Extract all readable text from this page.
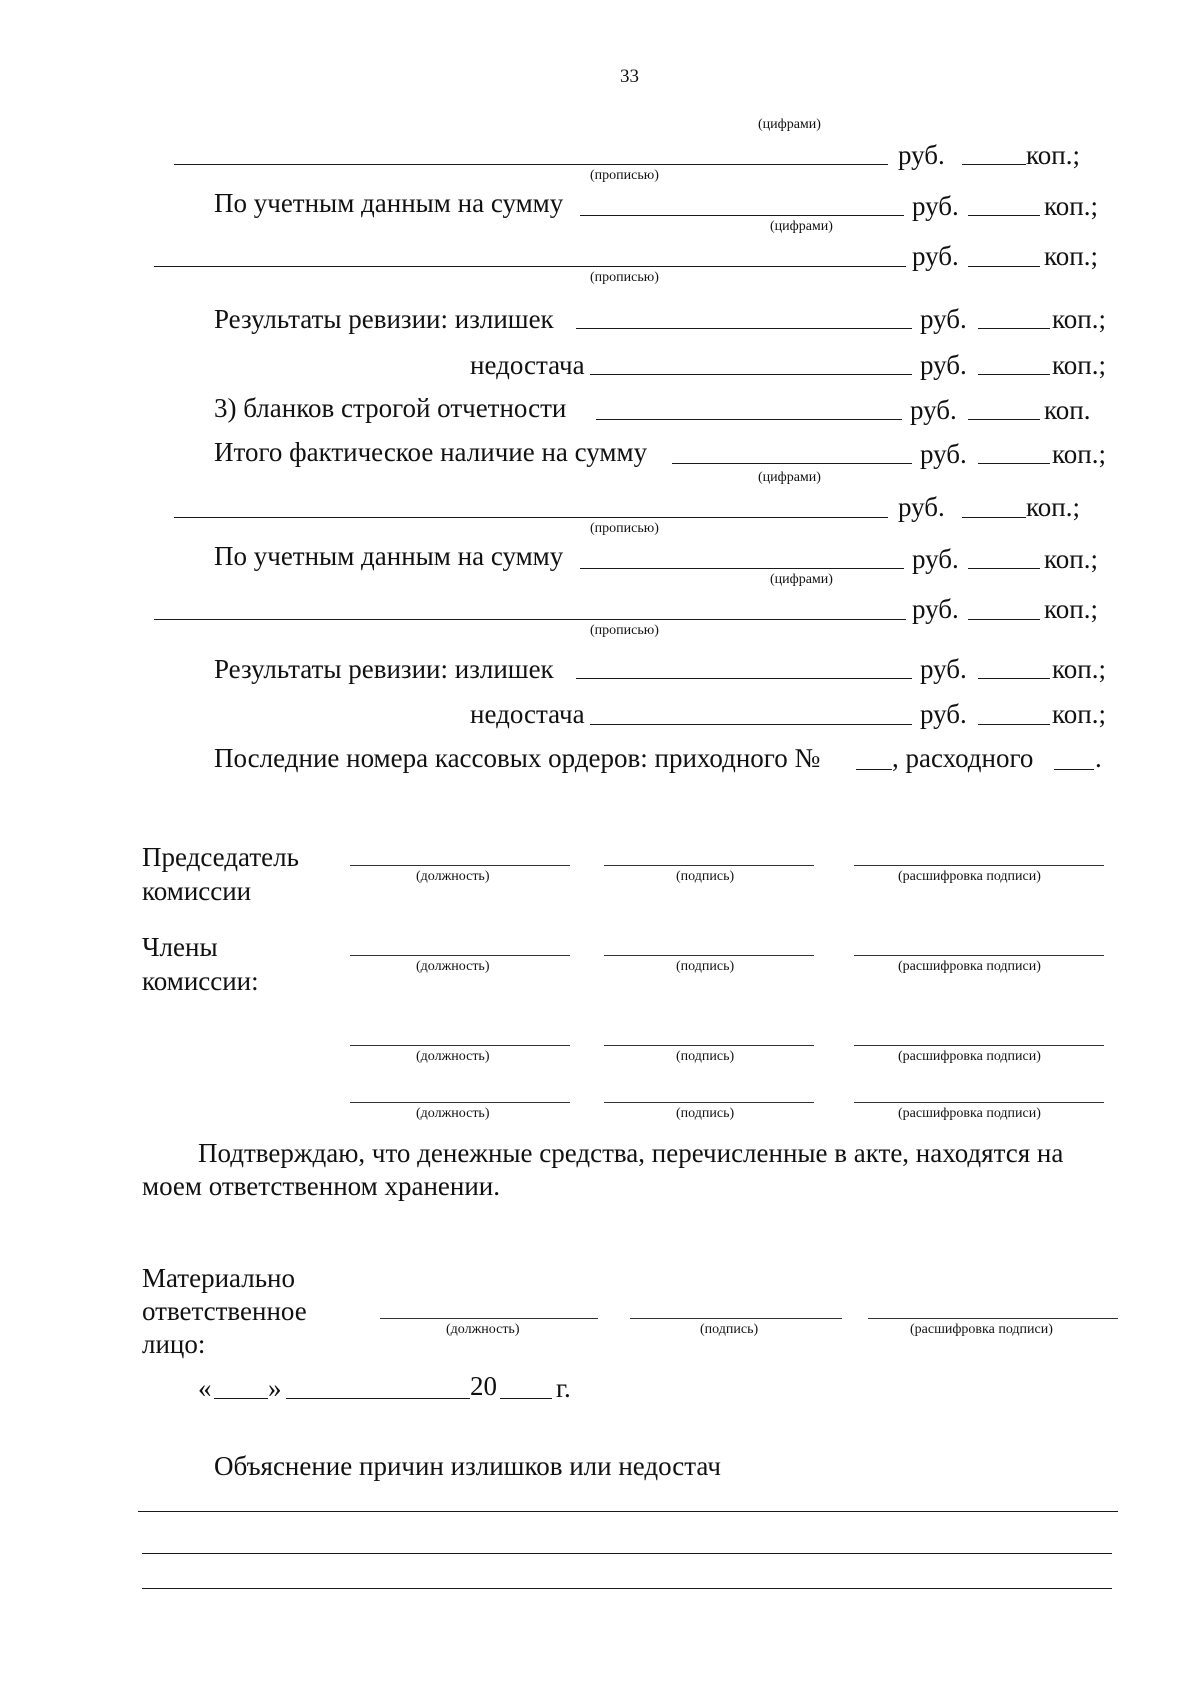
33
(цифрами)
руб.	коп.;
(прописью)
По учетным данным на сумму	руб.	коп.;
(цифрами)
руб.	коп.;
(прописью)
Результаты ревизии: излишек	руб.	коп.;
недостача	руб.	коп.;
3) бланков строгой отчетности	руб.	коп.
Итого фактическое наличие на сумму	руб.	коп.;
(цифрами)
руб.	коп.;
(прописью)
По учетным данным на сумму	руб.	коп.;
(цифрами)
руб.	коп.;
(прописью)
Результаты ревизии: излишек	руб.	коп.;
недостача	руб.	коп.;
Последние номера кассовых ордеров: приходного №	, расходного .
Председатель
комиссии	(должность)	(подпись)	(расшифровка подписи)
Члены
комиссии:	(должность)	(подпись)	(расшифровка подписи)
(должность)	(подпись)	(расшифровка подписи)
(должность)	(подпись)	(расшифровка подписи)
Подтверждаю, что денежные средства, перечисленные в акте, находятся на
моем ответственном хранении.
Материально
ответственное
лицо:	(должность)	(подпись)	(расшифровка подписи)
« »	20 г.
Объяснение причин излишков или недостач
